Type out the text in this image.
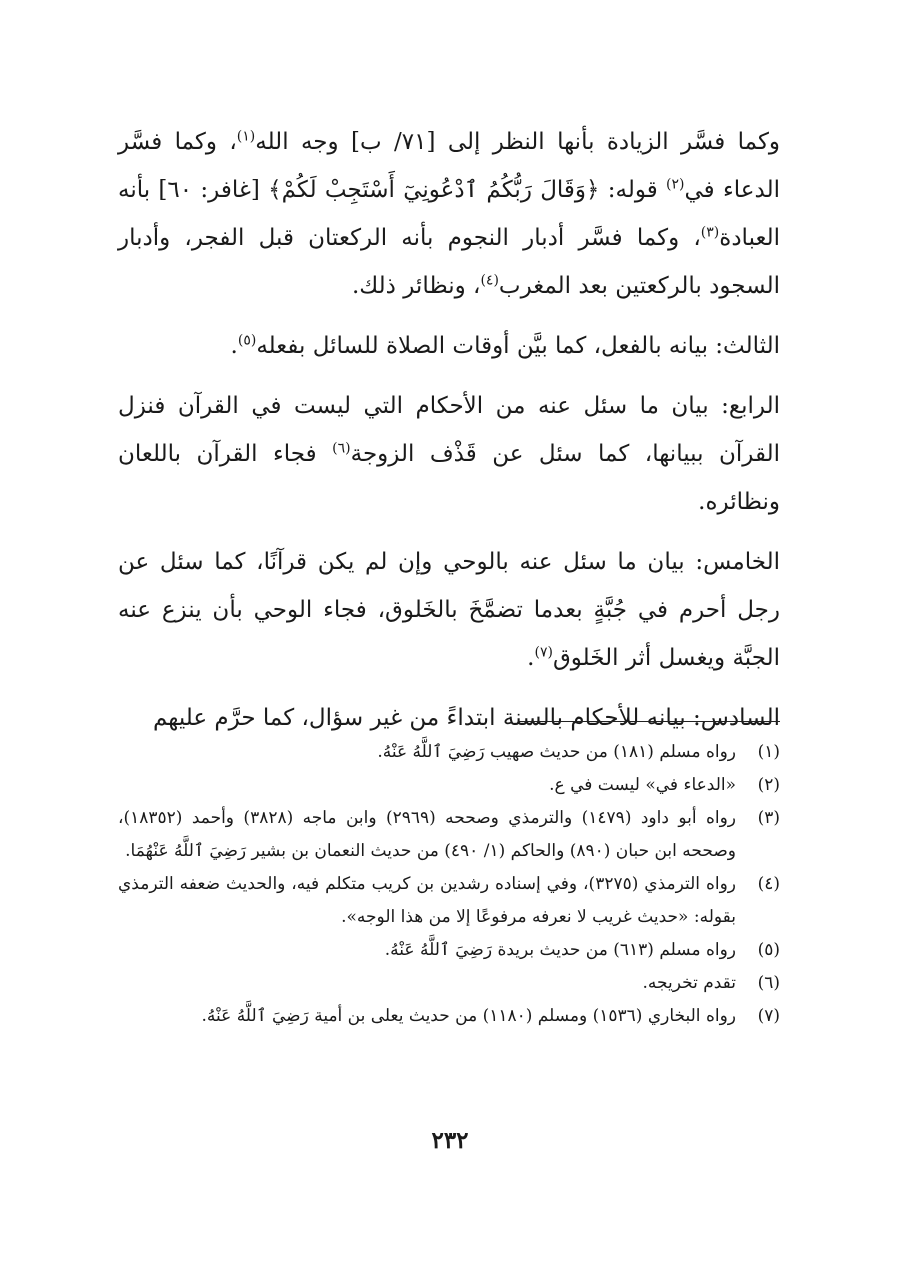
وكما فسَّر الزيادة بأنها النظر إلى [٧١/ ب] وجه الله$^{(١)}$، وكما فسَّر الدعاء في$^{(٢)}$ قوله: ﴿وَقَالَ رَبُّكُمُ ٱدْعُونِيٓ أَسْتَجِبْ لَكُمْ﴾ [غافر: ٦٠] بأنه العبادة$^{(٣)}$، وكما فسَّر أدبار النجوم بأنه الركعتان قبل الفجر، وأدبار السجود بالركعتين بعد المغرب$^{(٤)}$، ونظائر ذلك.

الثالث: بيانه بالفعل، كما بيَّن أوقات الصلاة للسائل بفعله$^{(٥)}$.

الرابع: بيان ما سئل عنه من الأحكام التي ليست في القرآن فنزل القرآن ببيانها، كما سئل عن قَذْف الزوجة$^{(٦)}$ فجاء القرآن باللعان ونظائره.

الخامس: بيان ما سئل عنه بالوحي وإن لم يكن قرآنًا، كما سئل عن رجل أحرم في جُبَّةٍ بعدما تضمَّخَ بالخَلوق، فجاء الوحي بأن ينزع عنه الجبَّة ويغسل أثر الخَلوق$^{(٧)}$.

السادس: بيانه للأحكام بالسنة ابتداءً من غير سؤال، كما حرَّم عليهم

(١)
رواه مسلم (١٨١) من حديث صهيب رَضِيَ ٱللَّهُ عَنْهُ.
(٢)
«الدعاء في» ليست في ع.
(٣)
رواه أبو داود (١٤٧٩) والترمذي وصححه (٢٩٦٩) وابن ماجه (٣٨٢٨) وأحمد (١٨٣٥٢)، وصححه ابن حبان (٨٩٠) والحاكم (١/ ٤٩٠) من حديث النعمان بن بشير رَضِيَ ٱللَّهُ عَنْهُمَا.
(٤)
رواه الترمذي (٣٢٧٥)، وفي إسناده رشدين بن كريب متكلم فيه، والحديث ضعفه الترمذي بقوله: «حديث غريب لا نعرفه مرفوعًا إلا من هذا الوجه».
(٥)
رواه مسلم (٦١٣) من حديث بريدة رَضِيَ ٱللَّهُ عَنْهُ.
(٦)
تقدم تخريجه.
(٧)
رواه البخاري (١٥٣٦) ومسلم (١١٨٠) من حديث يعلى بن أمية رَضِيَ ٱللَّهُ عَنْهُ.
٢٣٢
